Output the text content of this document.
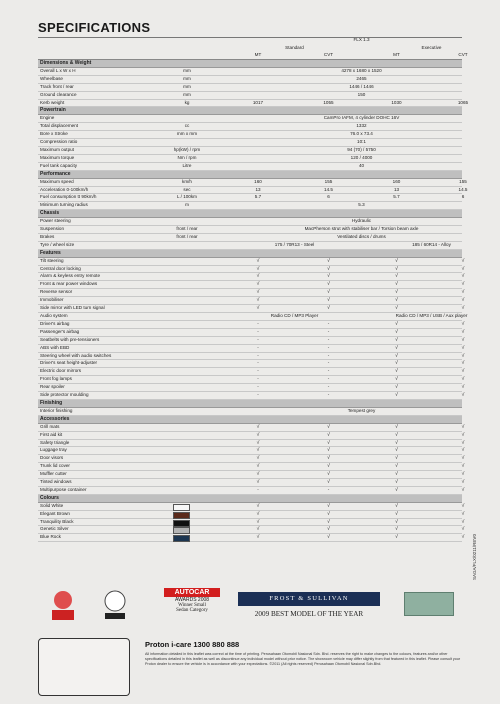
SPECIFICATIONS
FLX 1.3
Standard	Executive
MT	CVT	MT	CVT
Dimensions & Weight
Overall L x W x H	mm	4278 x 1680 x 1520
Wheelbase	mm	2465
Track front / rear	mm	1446 / 1446
Ground clearance	mm	150
Kerb weight	kg	1017	1055	1030	1065
Powertrain
Engine	CamPro IAFM, 4 cylinder DOHC 16V
Total displacement	cc	1332
Bore x Stroke	mm x mm	76.0 x 73.4
Compression ratio	10:1
Maximum output	hp(kW) / rpm	94 (70) / 5750
Maximum torque	Nm / rpm	120 / 4000
Fuel tank capacity	Litre	40
Performance
Maximum speed	km/h	160	155	160	155
Acceleration 0-100km/h	sec	13	14.5	13	14.5
Fuel consumption tt 90km/h	L / 100km	5.7	6	5.7	6
Minimum turning radius	m	5.3
Chassis
Power steering	Hydraulic
Suspension	front / rear	MacPherson strut with stabiliser bar / Torsion beam axle
Brakes	front / rear	Ventilated discs / drums
Tyre / wheel size	175 / 70R13 - Steel	185 / 60R14 - Alloy
Features
Tilt steering	√	√	√	√
Central door locking	√	√	√	√
Alarm & keyless entry remote	√	√	√	√
Front & rear power windows	√	√	√	√
Reverse sensor	√	√	√	√
Immobiliser	√	√	√	√
Side mirror with LED turn signal	√	√	√	√
Audio system	Radio CD / MP3 Player	Radio CD / MP3 / USB / Aux player
Driver's airbag	-	-	√	√
Passenger's airbag	-	-	√	√
Seatbelts with pre-tensioners	-	-	√	√
ABS with EBD	-	-	√	√
Steering wheel with audio switches	-	-	√	√
Driver's seat height-adjuster	-	-	√	√
Electric door mirrors	-	-	√	√
Front fog lamps	-	-	√	√
Rear spoiler	-	-	√	√
Side protector moulding	-	-	√	√
Finishing
Interior finishing	Tempest grey
Accessories
Grill mats	√	√	√	√
First aid kit	√	√	√	√
Safety triangle	√	√	√	√
Luggage tray	√	√	√	√
Door visors	√	√	√	√
Trunk lid cover	√	√	√	√
Muffler cutter	√	√	√	√
Tinted windows	√	√	√	√
Multipurpose container	-	-	√	√
Colours
Solid White	√	√	√	√
Elegant Brown	√	√	√	√
Tranquility Black	√	√	√	√
Genetic Silver	√	√	√	√
Blue Rock	√	√	√	√
AUTOCAR
AWARDS 2008
Winner Small
Sedan Category
FROST & SULLIVAN
2009 BEST MODEL OF THE YEAR
Proton i-care 1300 880 888
All information detailed in this leaflet was correct at the time of printing. Perusahaan Otomobil Nasional Sdn. Bhd. reserves the right to make changes to the colours, features and/or other specifications detailed in this leaflet as well as discontinue any individual model without prior notice. The showroom vehicle may differ slightly from that featured in this leaflet. Please consult your Proton dealer to ensure the vehicle is in accordance with your expectations. ©2011 (All rights reserved) Perusahaan Otomobil Nasional Sdn.Bhd.
SAGA/FLX/0211/REV0
